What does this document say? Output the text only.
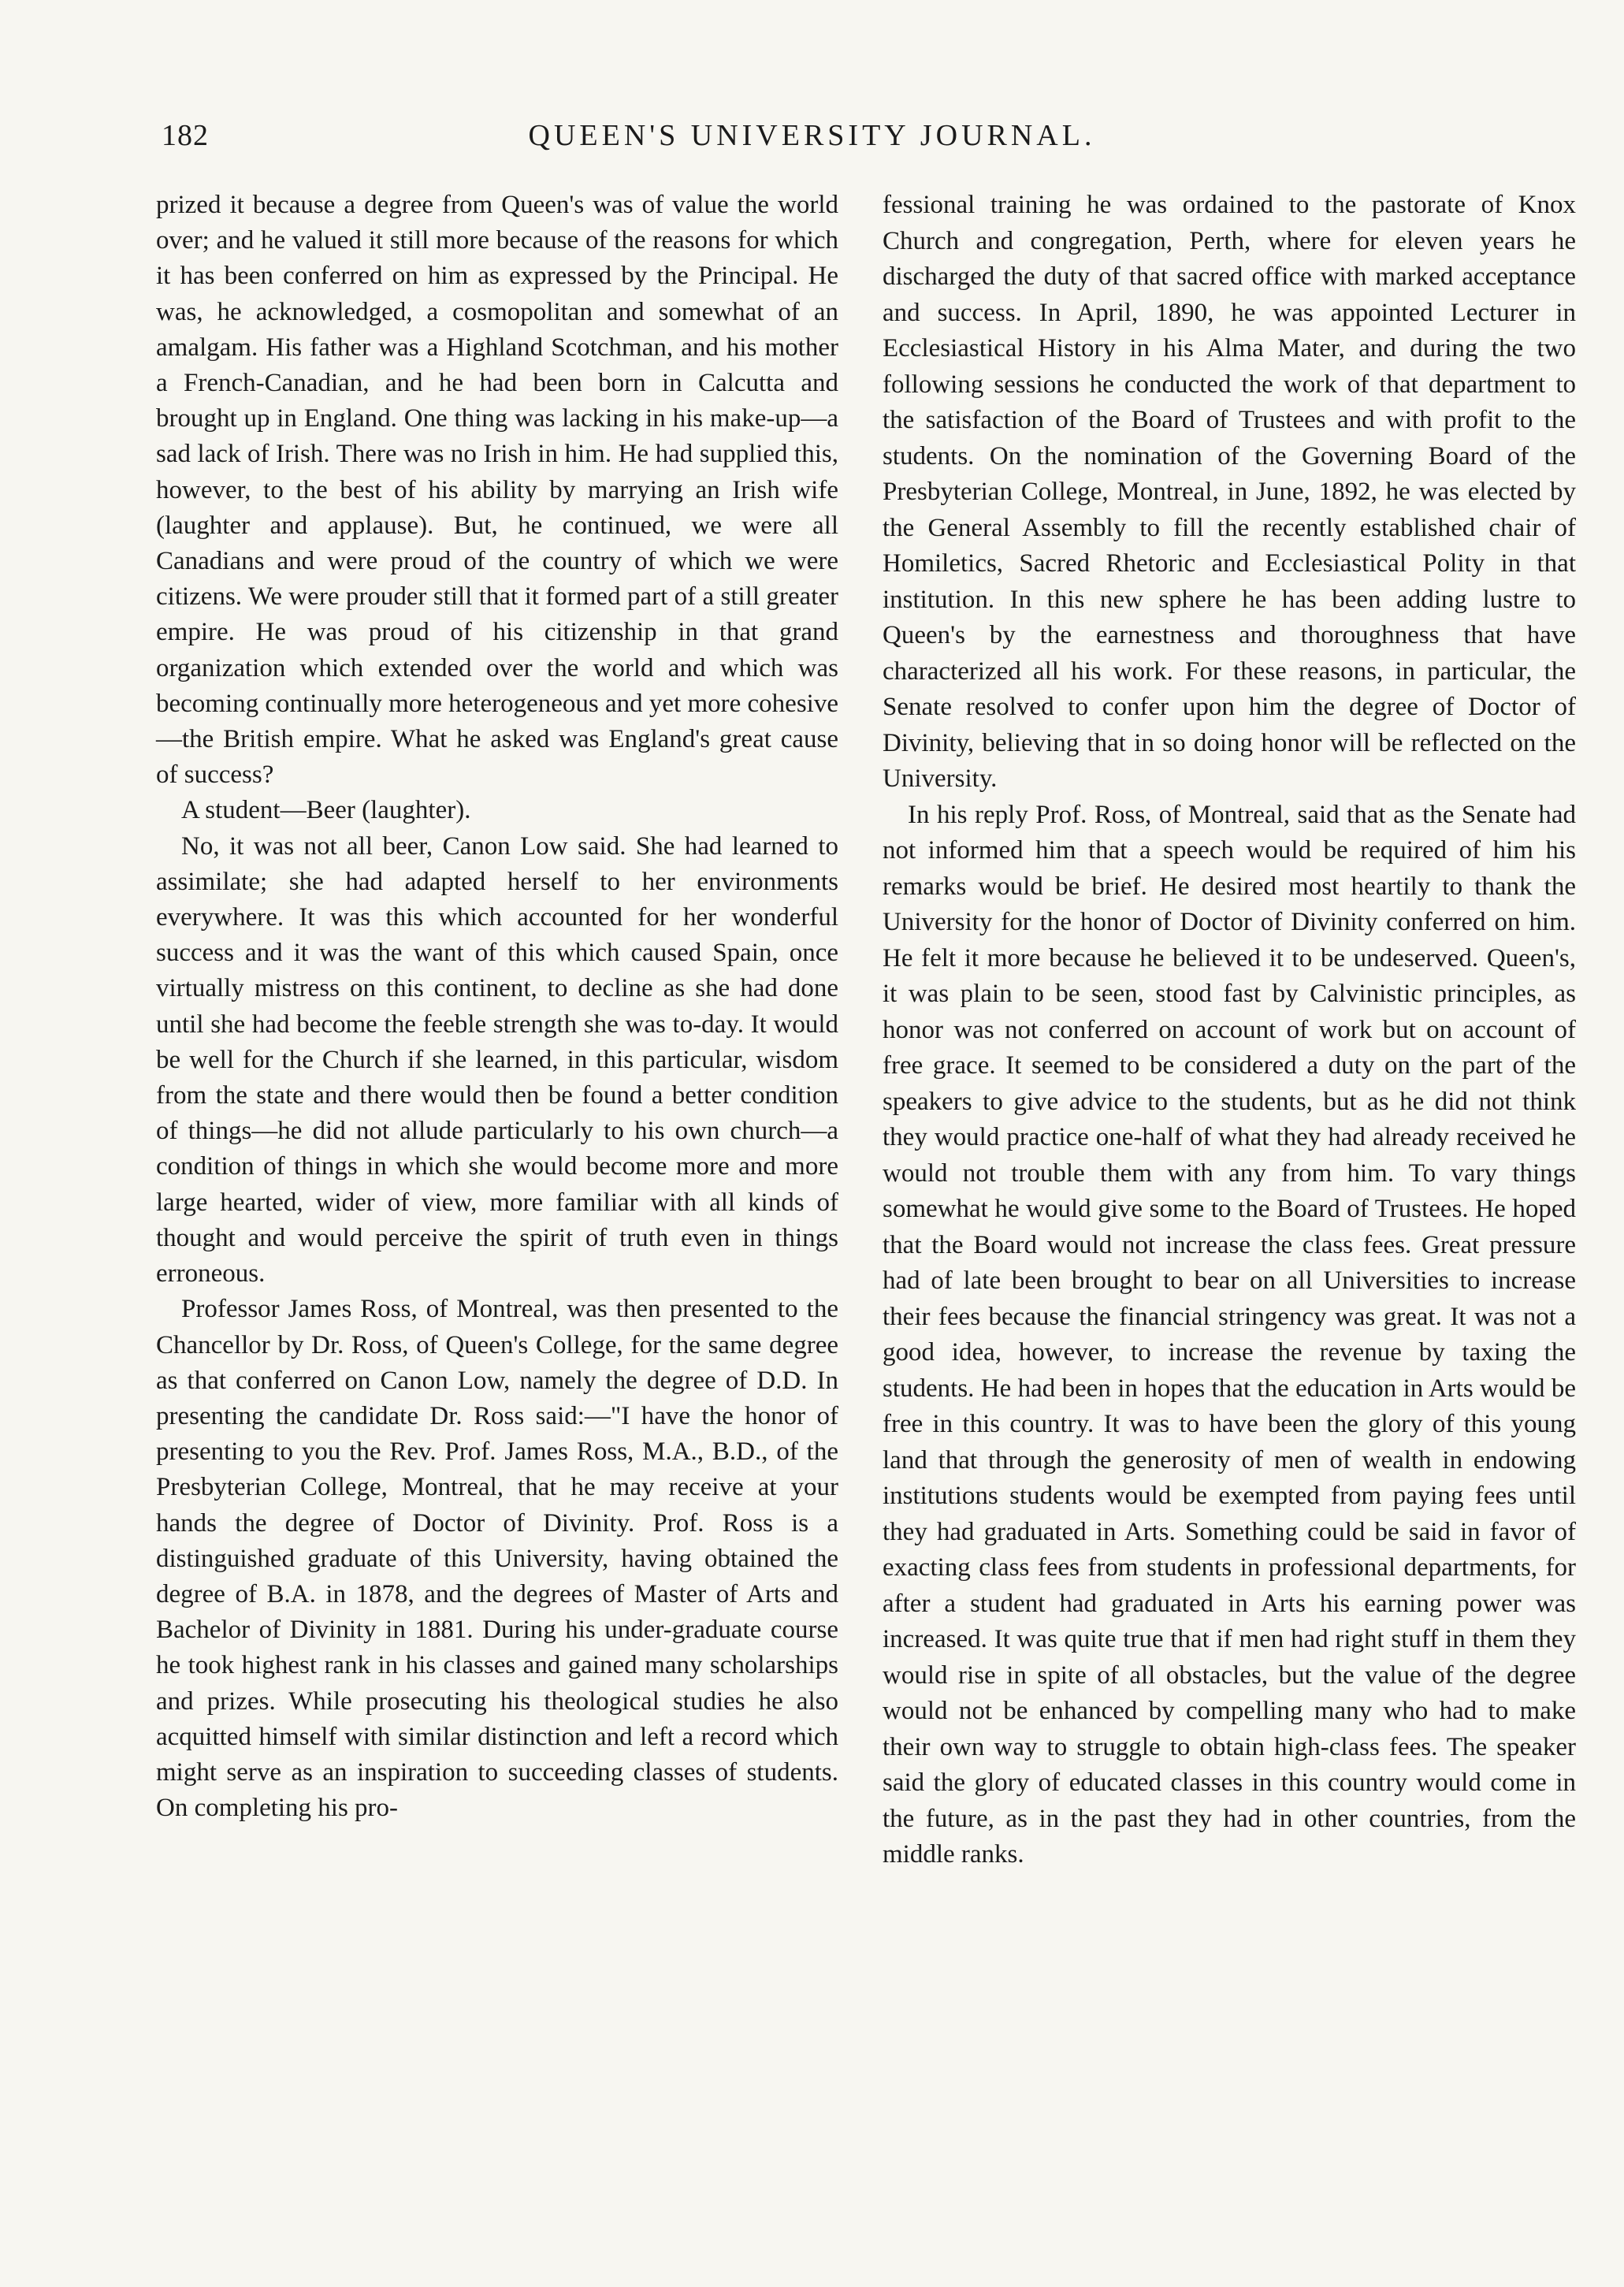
182	QUEEN'S UNIVERSITY JOURNAL.

prized it because a degree from Queen's was of value the world over; and he valued it still more because of the reasons for which it has been conferred on him as expressed by the Principal. He was, he acknowledged, a cosmopolitan and somewhat of an amalgam. His father was a Highland Scotchman, and his mother a French-Canadian, and he had been born in Calcutta and brought up in England. One thing was lacking in his make-up—a sad lack of Irish. There was no Irish in him. He had supplied this, however, to the best of his ability by marrying an Irish wife (laughter and applause). But, he continued, we were all Canadians and were proud of the country of which we were citizens. We were prouder still that it formed part of a still greater empire. He was proud of his citizenship in that grand organization which extended over the world and which was becoming continually more heterogeneous and yet more cohesive—the British empire. What he asked was England's great cause of success?

A student—Beer (laughter).

No, it was not all beer, Canon Low said. She had learned to assimilate; she had adapted herself to her environments everywhere. It was this which accounted for her wonderful success and it was the want of this which caused Spain, once virtually mistress on this continent, to decline as she had done until she had become the feeble strength she was to-day. It would be well for the Church if she learned, in this particular, wisdom from the state and there would then be found a better condition of things—he did not allude particularly to his own church—a condition of things in which she would become more and more large hearted, wider of view, more familiar with all kinds of thought and would perceive the spirit of truth even in things erroneous.

Professor James Ross, of Montreal, was then presented to the Chancellor by Dr. Ross, of Queen's College, for the same degree as that conferred on Canon Low, namely the degree of D.D. In presenting the candidate Dr. Ross said:—"I have the honor of presenting to you the Rev. Prof. James Ross, M.A., B.D., of the Presbyterian College, Montreal, that he may receive at your hands the degree of Doctor of Divinity. Prof. Ross is a distinguished graduate of this University, having obtained the degree of B.A. in 1878, and the degrees of Master of Arts and Bachelor of Divinity in 1881. During his under-graduate course he took highest rank in his classes and gained many scholarships and prizes. While prosecuting his theological studies he also acquitted himself with similar distinction and left a record which might serve as an inspiration to succeeding classes of students. On completing his pro-

fessional training he was ordained to the pastorate of Knox Church and congregation, Perth, where for eleven years he discharged the duty of that sacred office with marked acceptance and success. In April, 1890, he was appointed Lecturer in Ecclesiastical History in his Alma Mater, and during the two following sessions he conducted the work of that department to the satisfaction of the Board of Trustees and with profit to the students. On the nomination of the Governing Board of the Presbyterian College, Montreal, in June, 1892, he was elected by the General Assembly to fill the recently established chair of Homiletics, Sacred Rhetoric and Ecclesiastical Polity in that institution. In this new sphere he has been adding lustre to Queen's by the earnestness and thoroughness that have characterized all his work. For these reasons, in particular, the Senate resolved to confer upon him the degree of Doctor of Divinity, believing that in so doing honor will be reflected on the University.

In his reply Prof. Ross, of Montreal, said that as the Senate had not informed him that a speech would be required of him his remarks would be brief. He desired most heartily to thank the University for the honor of Doctor of Divinity conferred on him. He felt it more because he believed it to be undeserved. Queen's, it was plain to be seen, stood fast by Calvinistic principles, as honor was not conferred on account of work but on account of free grace. It seemed to be considered a duty on the part of the speakers to give advice to the students, but as he did not think they would practice one-half of what they had already received he would not trouble them with any from him. To vary things somewhat he would give some to the Board of Trustees. He hoped that the Board would not increase the class fees. Great pressure had of late been brought to bear on all Universities to increase their fees because the financial stringency was great. It was not a good idea, however, to increase the revenue by taxing the students. He had been in hopes that the education in Arts would be free in this country. It was to have been the glory of this young land that through the generosity of men of wealth in endowing institutions students would be exempted from paying fees until they had graduated in Arts. Something could be said in favor of exacting class fees from students in professional departments, for after a student had graduated in Arts his earning power was increased. It was quite true that if men had right stuff in them they would rise in spite of all obstacles, but the value of the degree would not be enhanced by compelling many who had to make their own way to struggle to obtain high-class fees. The speaker said the glory of educated classes in this country would come in the future, as in the past they had in other countries, from the middle ranks.
